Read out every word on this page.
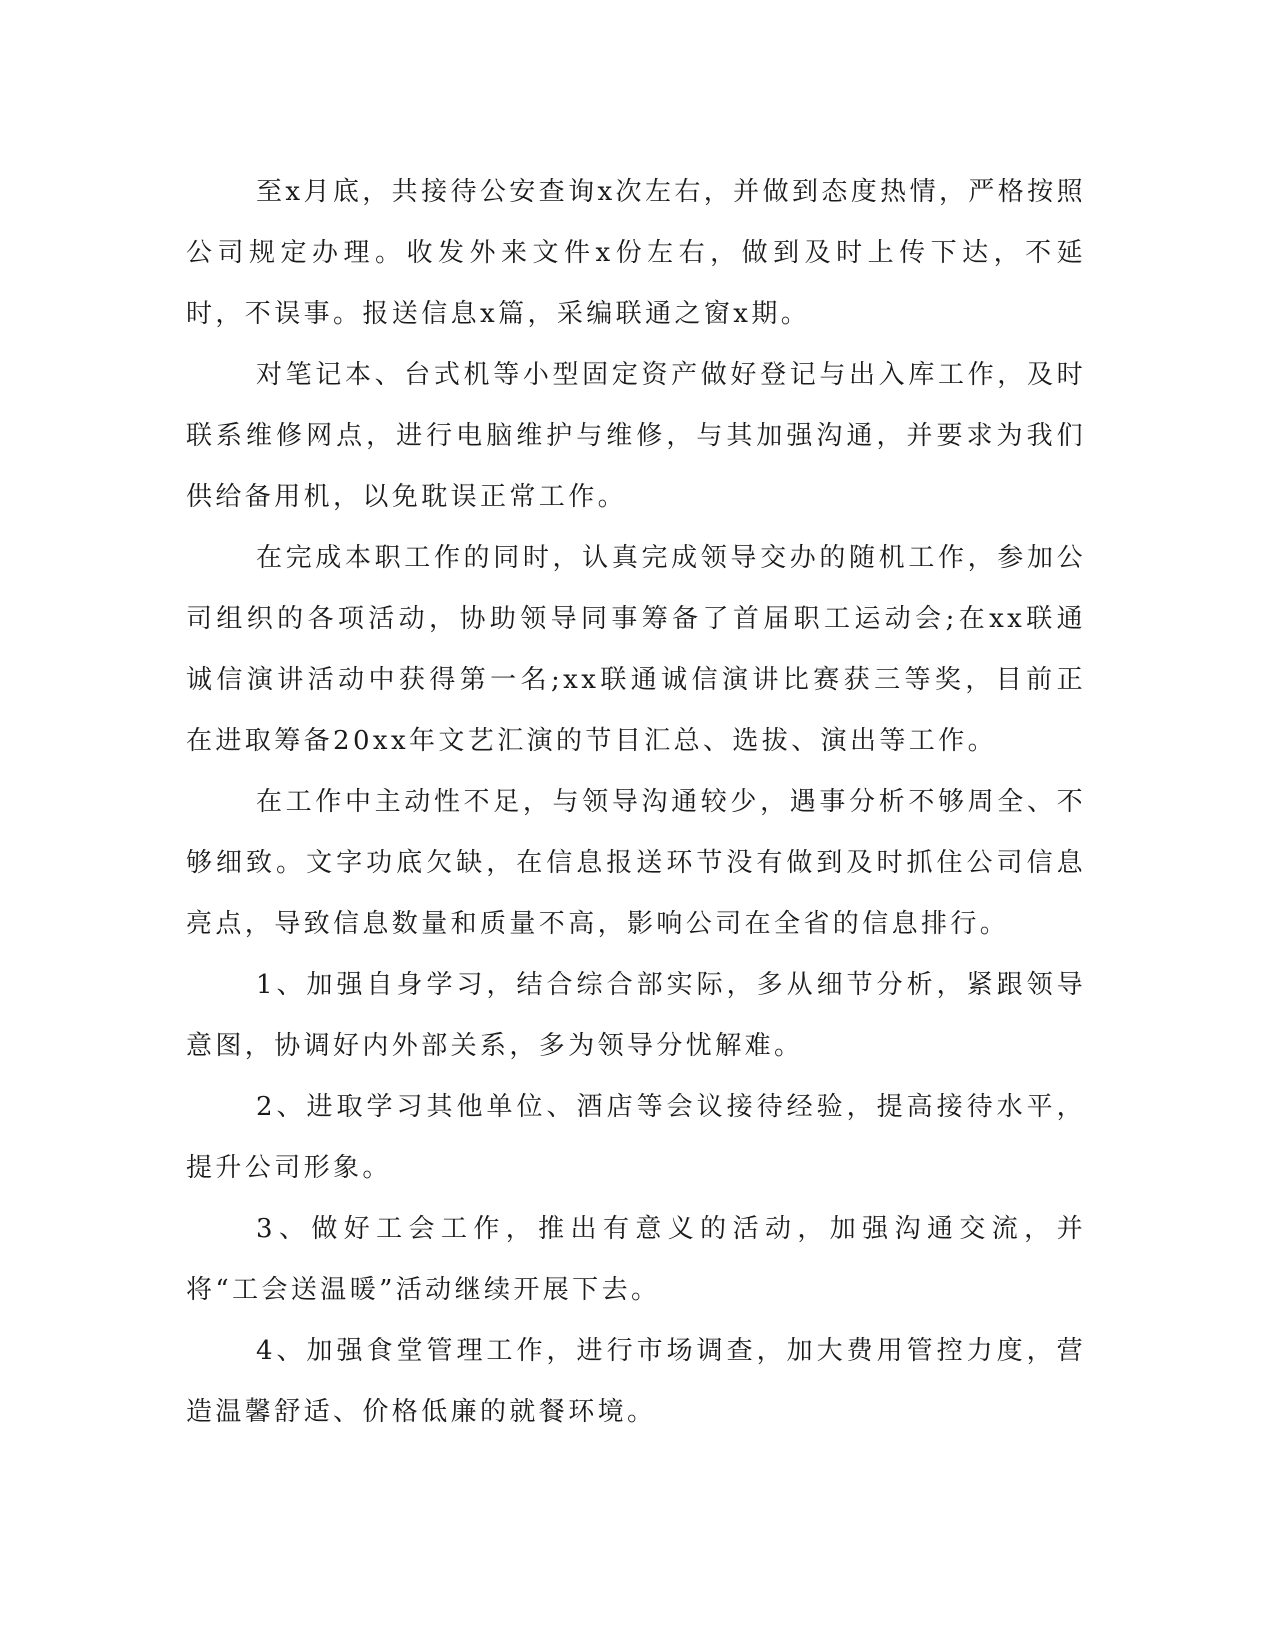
至x月底，共接待公安查询x次左右，并做到态度热情，严格按照公司规定办理。收发外来文件x份左右，做到及时上传下达，不延时，不误事。报送信息x篇，采编联通之窗x期。

对笔记本、台式机等小型固定资产做好登记与出入库工作，及时联系维修网点，进行电脑维护与维修，与其加强沟通，并要求为我们供给备用机，以免耽误正常工作。

在完成本职工作的同时，认真完成领导交办的随机工作，参加公司组织的各项活动，协助领导同事筹备了首届职工运动会;在xx联通诚信演讲活动中获得第一名;xx联通诚信演讲比赛获三等奖，目前正在进取筹备20xx年文艺汇演的节目汇总、选拔、演出等工作。

在工作中主动性不足，与领导沟通较少，遇事分析不够周全、不够细致。文字功底欠缺，在信息报送环节没有做到及时抓住公司信息亮点，导致信息数量和质量不高，影响公司在全省的信息排行。

1、加强自身学习，结合综合部实际，多从细节分析，紧跟领导意图，协调好内外部关系，多为领导分忧解难。

2、进取学习其他单位、酒店等会议接待经验，提高接待水平，提升公司形象。

3、做好工会工作，推出有意义的活动，加强沟通交流，并将“工会送温暖”活动继续开展下去。

4、加强食堂管理工作，进行市场调查，加大费用管控力度，营造温馨舒适、价格低廉的就餐环境。
